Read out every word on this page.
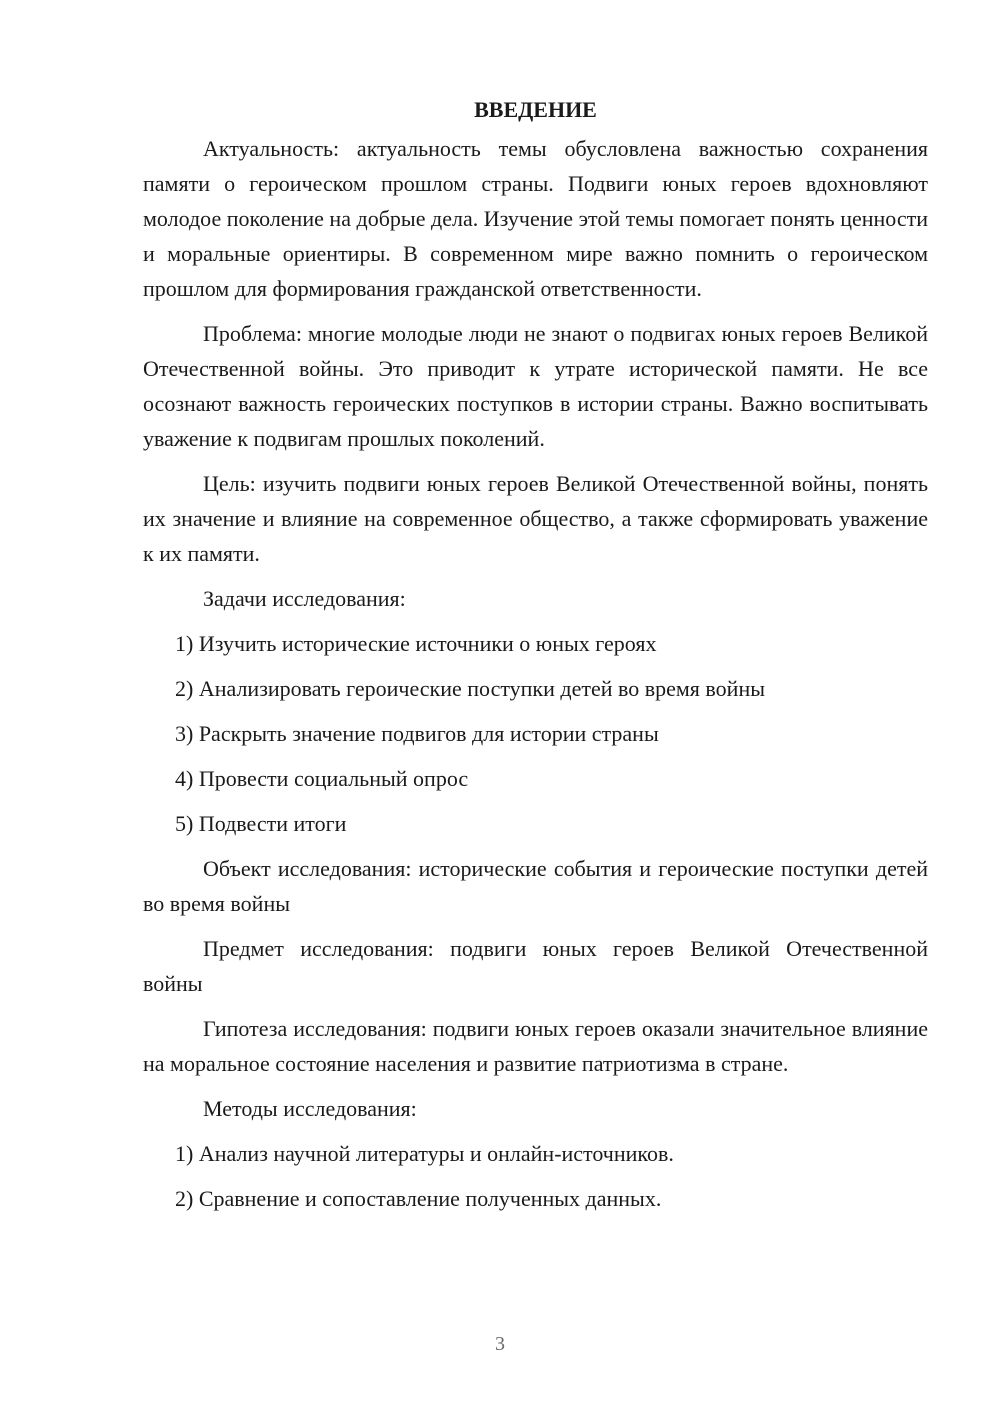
ВВЕДЕНИЕ

Актуальность: актуальность темы обусловлена важностью сохранения памяти о героическом прошлом страны. Подвиги юных героев вдохновляют молодое поколение на добрые дела. Изучение этой темы помогает понять ценности и моральные ориентиры. В современном мире важно помнить о героическом прошлом для формирования гражданской ответственности.

Проблема: многие молодые люди не знают о подвигах юных героев Великой Отечественной войны. Это приводит к утрате исторической памяти. Не все осознают важность героических поступков в истории страны. Важно воспитывать уважение к подвигам прошлых поколений.

Цель: изучить подвиги юных героев Великой Отечественной войны, понять их значение и влияние на современное общество, а также сформировать уважение к их памяти.

Задачи исследования:

1) Изучить исторические источники о юных героях

2) Анализировать героические поступки детей во время войны

3) Раскрыть значение подвигов для истории страны

4) Провести социальный опрос

5) Подвести итоги

Объект исследования: исторические события и героические поступки детей во время войны

Предмет исследования: подвиги юных героев Великой Отечественной войны

Гипотеза исследования: подвиги юных героев оказали значительное влияние на моральное состояние населения и развитие патриотизма в стране.

Методы исследования:

1) Анализ научной литературы и онлайн-источников.

2) Сравнение и сопоставление полученных данных.

3
